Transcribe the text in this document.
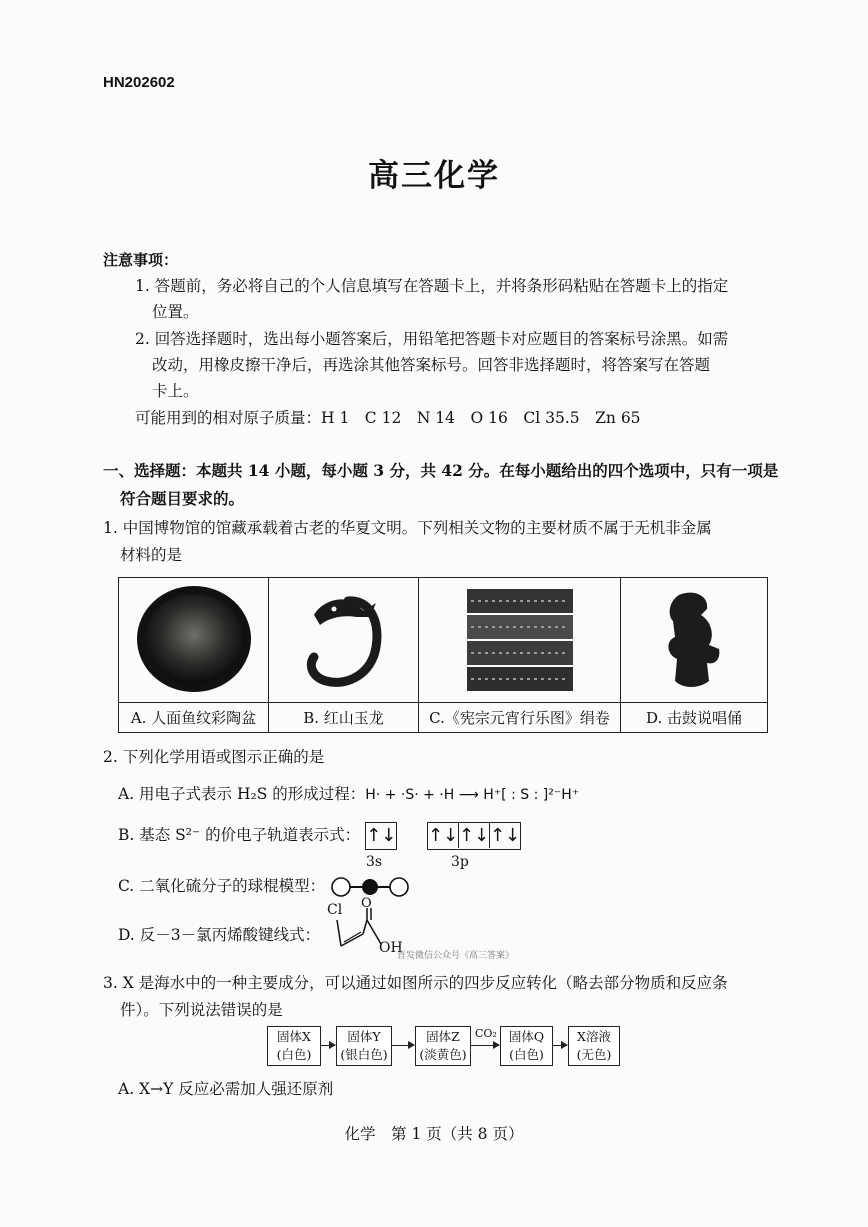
HN202602
高三化学
注意事项：
1. 答题前，务必将自己的个人信息填写在答题卡上，并将条形码粘贴在答题卡上的指定
位置。
2. 回答选择题时，选出每小题答案后，用铅笔把答题卡对应题目的答案标号涂黑。如需
改动，用橡皮擦干净后，再选涂其他答案标号。回答非选择题时，将答案写在答题
卡上。
可能用到的相对原子质量：H 1　C 12　N 14　O 16　Cl 35.5　Zn 65
一、选择题：本题共 14 小题，每小题 3 分，共 42 分。在每小题给出的四个选项中，只有一项是
符合题目要求的。
1. 中国博物馆的馆藏承载着古老的华夏文明。下列相关文物的主要材质不属于无机非金属
材料的是
A. 人面鱼纹彩陶盆	B. 红山玉龙	C.《宪宗元宵行乐图》绢卷	D. 击鼓说唱俑
2. 下列化学用语或图示正确的是
A. 用电子式表示 H₂S 的形成过程：H· + ·S· + ·H ⟶ H⁺[ : S : ]²⁻H⁺
B. 基态 S²⁻ 的价电子轨道表示式： ↑↓ ↑↓↑↓↑↓
3s	3p
C. 二氧化硫分子的球棍模型：
D. 反－3－氯丙烯酸键线式：
Cl O
OH
首发微信公众号《高三答案》
3. X 是海水中的一种主要成分，可以通过如图所示的四步反应转化（略去部分物质和反应条
件）。下列说法错误的是
固体X
(白色)
固体Y
(银白色)
固体Z
(淡黄色)
CO₂ 固体Q
(白色)
X溶液
(无色)
A. X→Y 反应必需加人强还原剂
化学　第 1 页（共 8 页）
